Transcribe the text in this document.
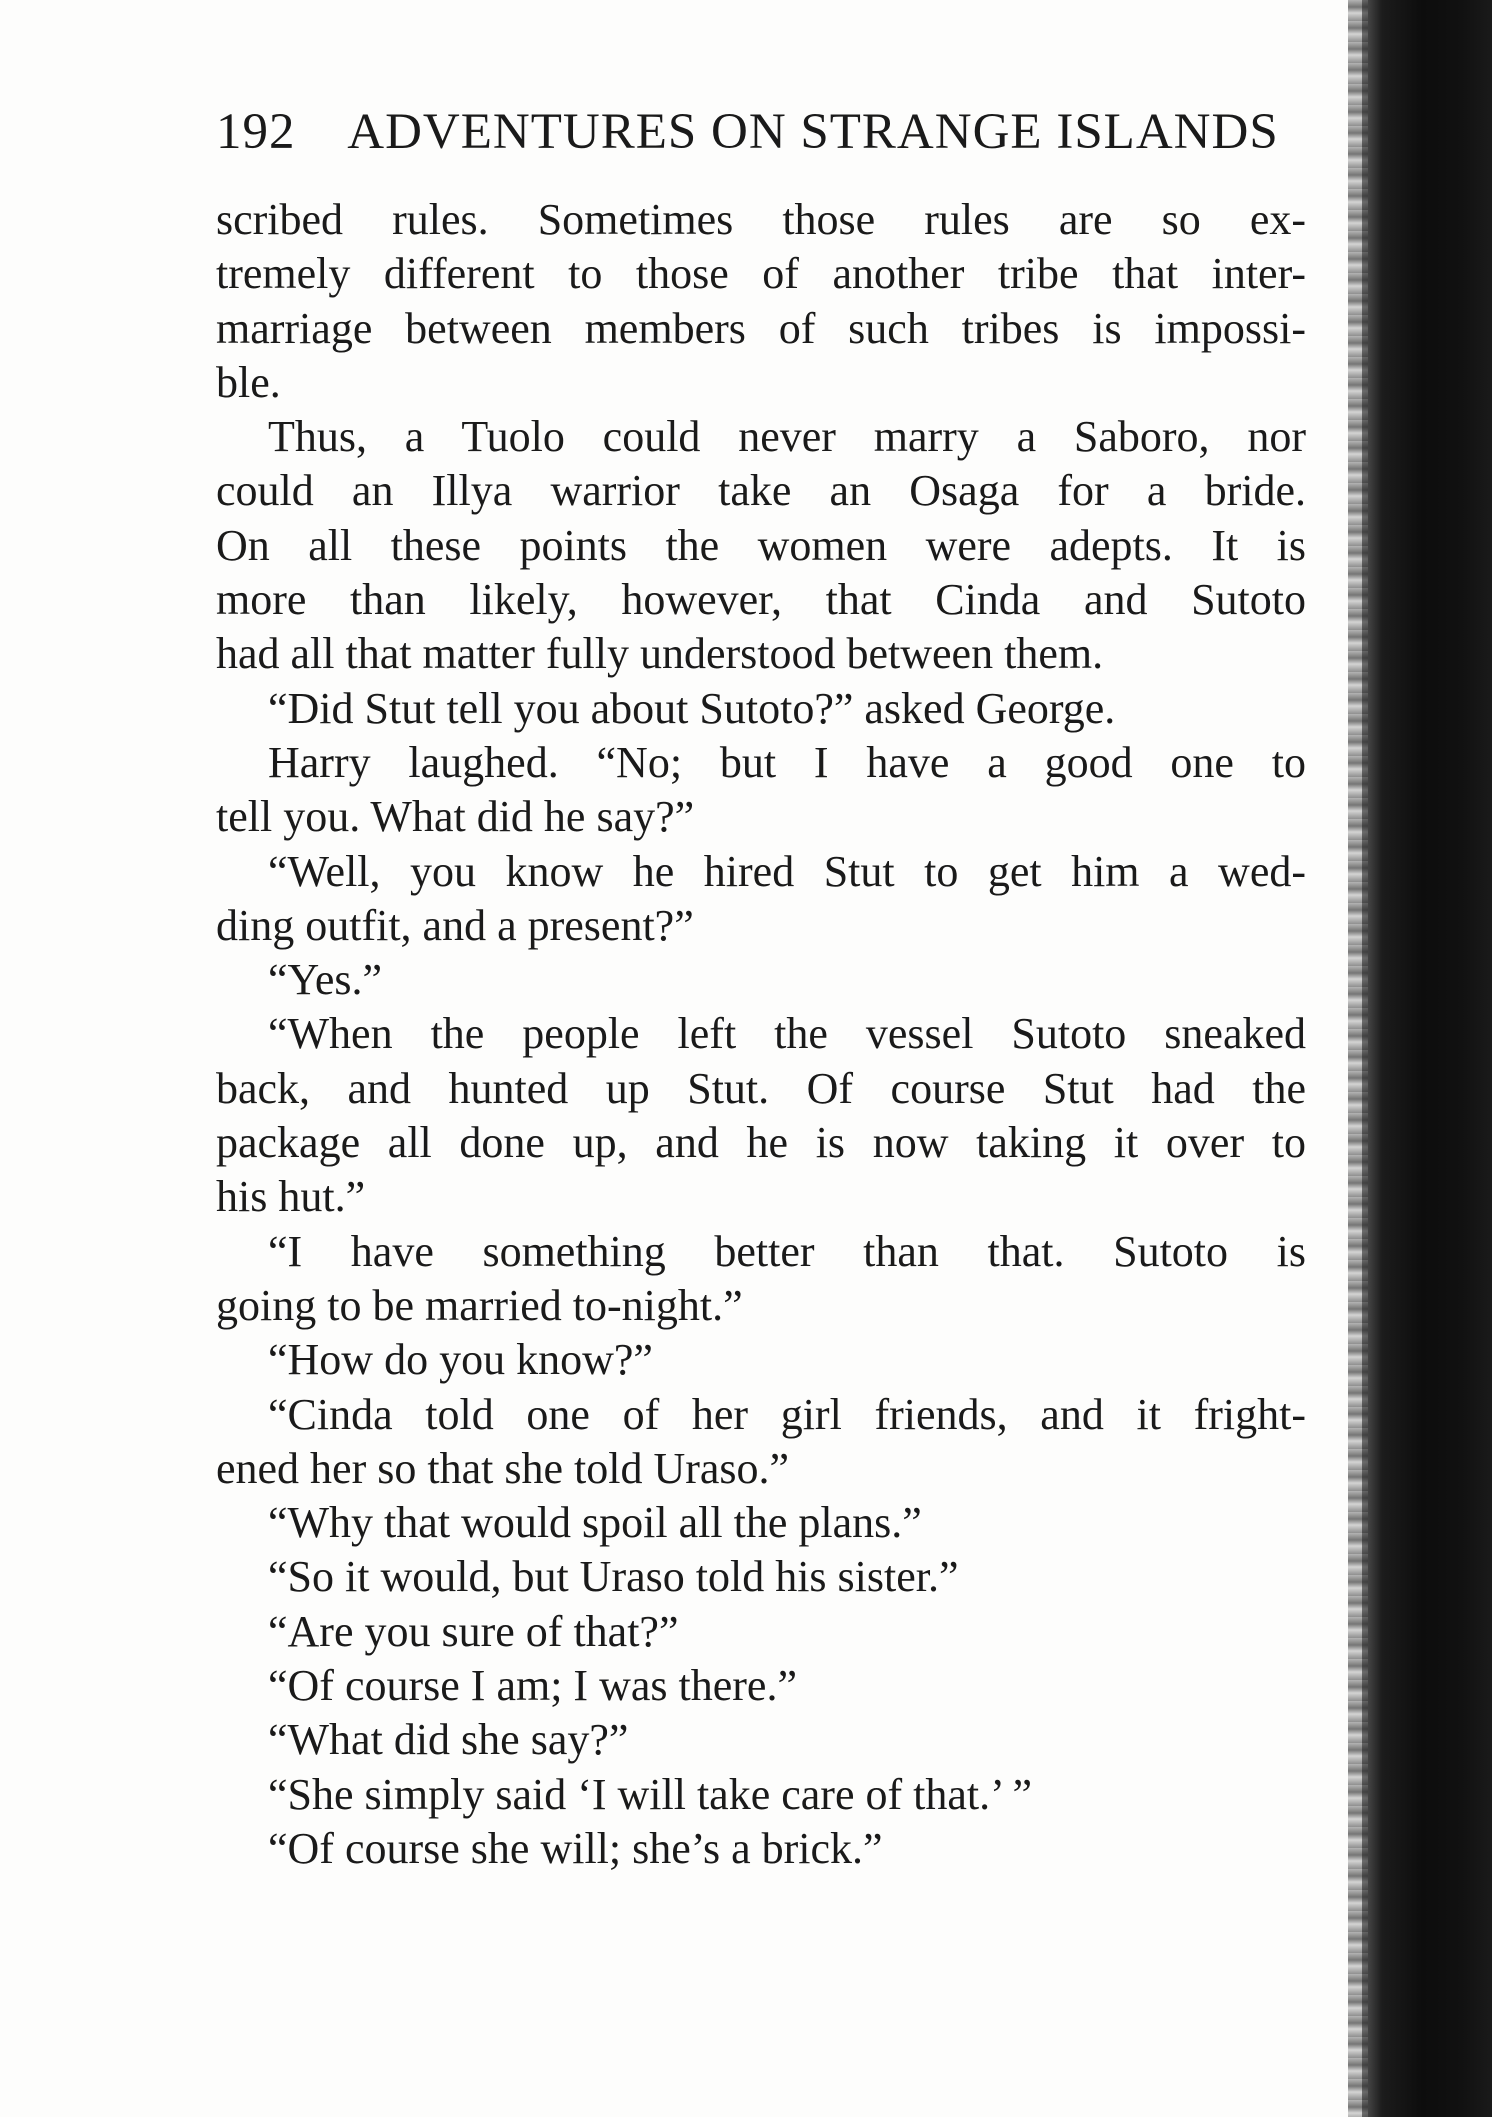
192 ADVENTURES ON STRANGE ISLANDS
scribed rules. Sometimes those rules are so ex-
tremely different to those of another tribe that inter-
marriage between members of such tribes is impossi-
ble.
Thus, a Tuolo could never marry a Saboro, nor
could an Illya warrior take an Osaga for a bride.
On all these points the women were adepts. It is
more than likely, however, that Cinda and Sutoto
had all that matter fully understood between them.
“Did Stut tell you about Sutoto?” asked George.
Harry laughed. “No; but I have a good one to
tell you. What did he say?”
“Well, you know he hired Stut to get him a wed-
ding outfit, and a present?”
“Yes.”
“When the people left the vessel Sutoto sneaked
back, and hunted up Stut. Of course Stut had the
package all done up, and he is now taking it over to
his hut.”
“I have something better than that. Sutoto is
going to be married to-night.”
“How do you know?”
“Cinda told one of her girl friends, and it fright-
ened her so that she told Uraso.”
“Why that would spoil all the plans.”
“So it would, but Uraso told his sister.”
“Are you sure of that?”
“Of course I am; I was there.”
“What did she say?”
“She simply said ‘I will take care of that.’ ”
“Of course she will; she’s a brick.”
